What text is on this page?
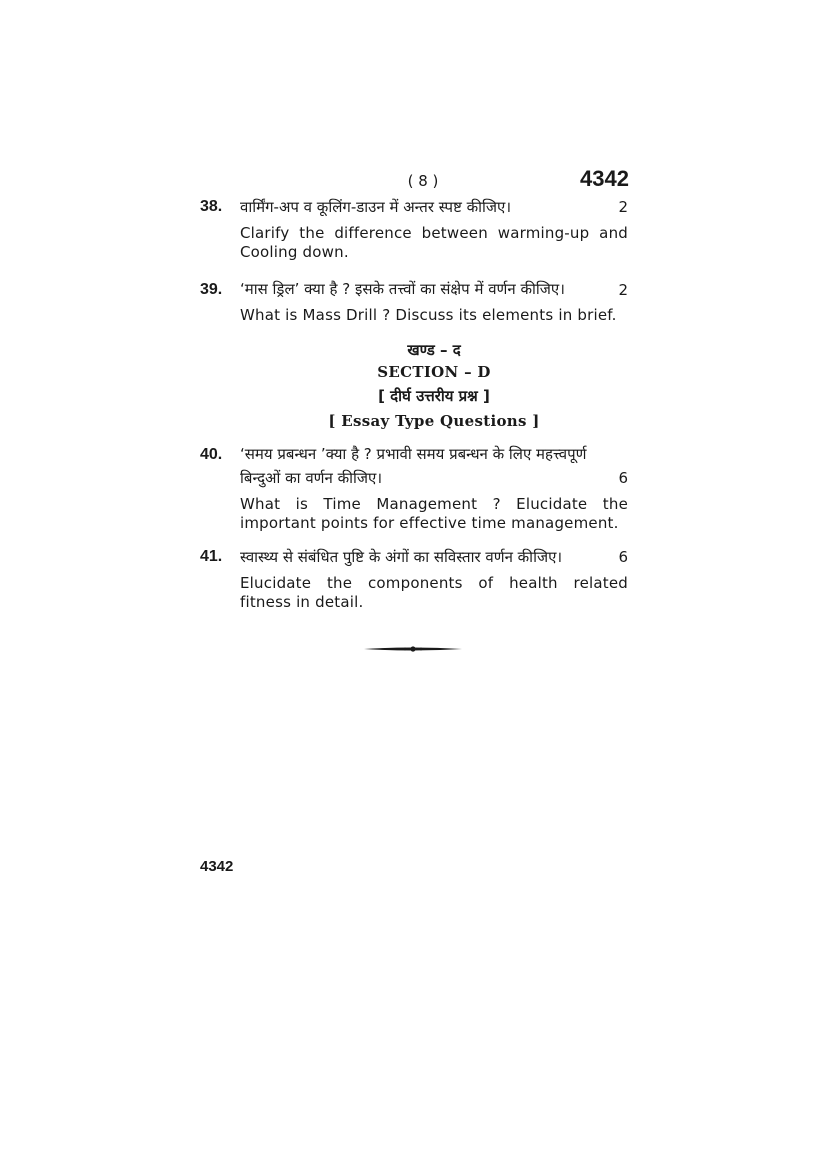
( 8 )	4342
38. वार्मिंग-अप व कूलिंग-डाउन में अन्तर स्पष्ट कीजिए।	2
Clarify the difference between warming-up and Cooling down.
39. ‘मास ड्रिल’ क्या है ? इसके तत्त्वों का संक्षेप में वर्णन कीजिए।	2
What is Mass Drill ? Discuss its elements in brief.
खण्ड – द
SECTION – D
[ दीर्घ उत्तरीय प्रश्न ]
[ Essay Type Questions ]
40. ‘समय प्रबन्धन ’क्या है ? प्रभावी समय प्रबन्धन के लिए महत्त्वपूर्ण
बिन्दुओं का वर्णन कीजिए।	6
What is Time Management ? Elucidate the important points for effective time management.
41. स्वास्थ्य से संबंधित पुष्टि के अंगों का सविस्तार वर्णन कीजिए।	6
Elucidate the components of health related fitness in detail.
4342
